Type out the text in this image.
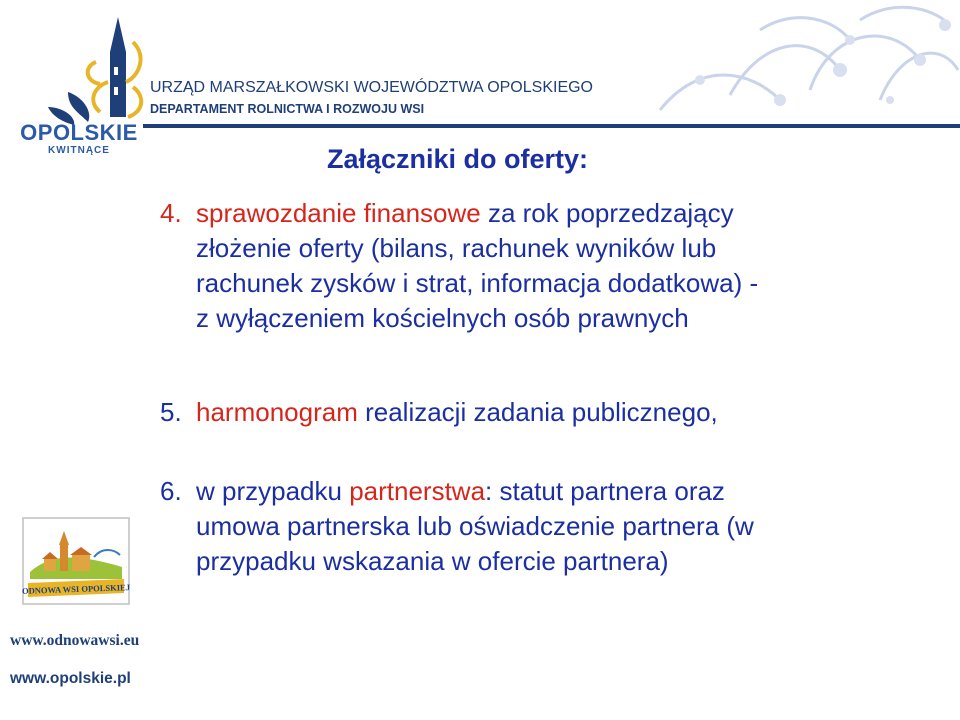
OPOLSKIE
KWITNĄCE
URZĄD MARSZAŁKOWSKI WOJEWÓDZTWA OPOLSKIEGO
DEPARTAMENT ROLNICTWA I ROZWOJU WSI
Załączniki do oferty:
4. sprawozdanie finansowe za rok poprzedzający
złożenie oferty (bilans, rachunek wyników lub
rachunek zysków i strat, informacja dodatkowa) -
z wyłączeniem kościelnych osób prawnych
5. harmonogram realizacji zadania publicznego,
6. w przypadku partnerstwa: statut partnera oraz
umowa partnerska lub oświadczenie partnera (w
przypadku wskazania w ofercie partnera)
ODNOWA WSI OPOLSKIEJ
www.odnowawsi.eu
www.opolskie.pl
